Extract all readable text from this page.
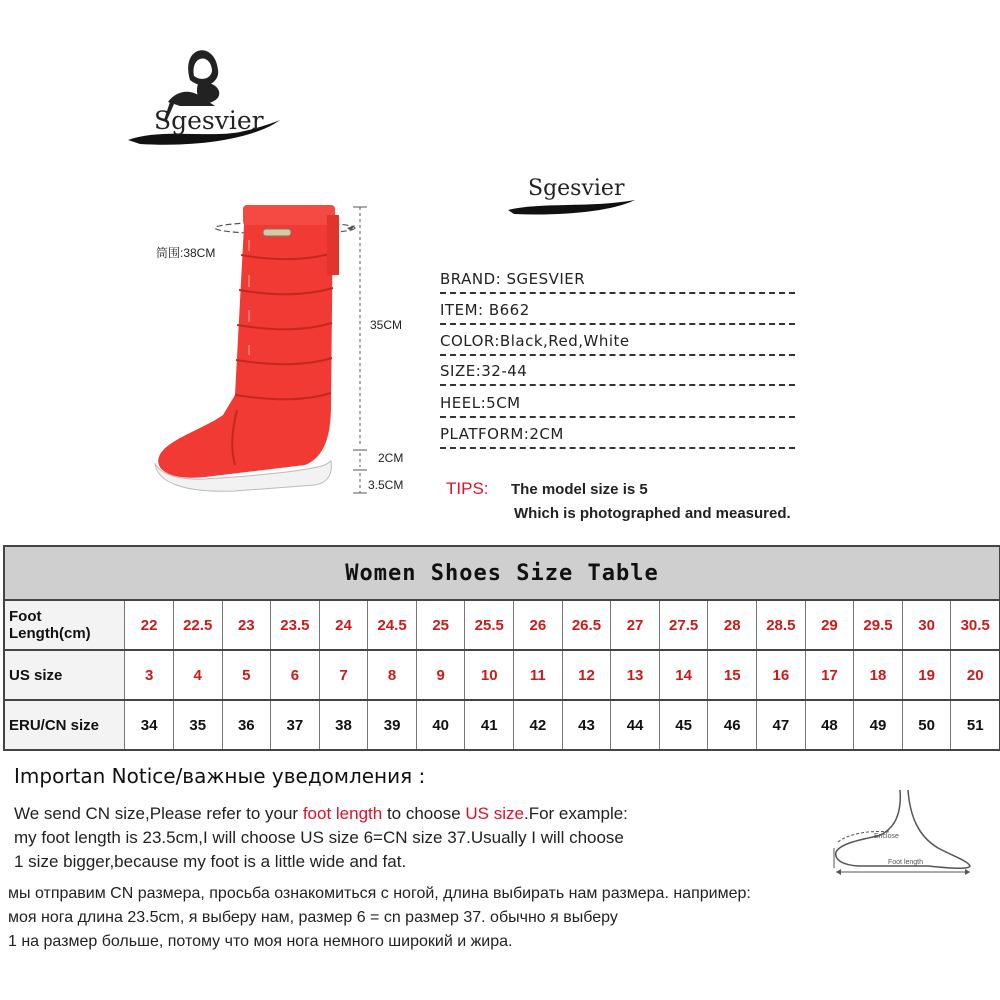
Sgesvier
Sgesvier
筒围:38CM
35CM
2CM
3.5CM
BRAND: SGESVIER
ITEM: B662
COLOR:Black,Red,White
SIZE:32-44
HEEL:5CM
PLATFORM:2CM
TIPS: The model size is 5
Which is photographed and measured.
Women Shoes Size Table
Foot Length(cm)	22	22.5	23	23.5	24	24.5	25	25.5	26	26.5	27	27.5	28	28.5	29	29.5	30	30.5
US size	3	4	5	6	7	8	9	10	11	12	13	14	15	16	17	18	19	20
ERU/CN size	34	35	36	37	38	39	40	41	42	43	44	45	46	47	48	49	50	51
Importan Notice/важные уведомления :
We send CN size,Please refer to your foot length to choose US size.For example:
my foot length is 23.5cm,I will choose US size 6=CN size 37.Usually I will choose
1 size bigger,because my foot is a little wide and fat.
мы отправим CN размера, просьба ознакомиться с ногой, длина выбирать нам размера. например:
моя нога длина 23.5cm, я выберу нам, размер 6 = cn размер 37. обычно я выберу
1 на размер больше, потому что моя нога немного широкий и жира.
Enclose
Foot length
